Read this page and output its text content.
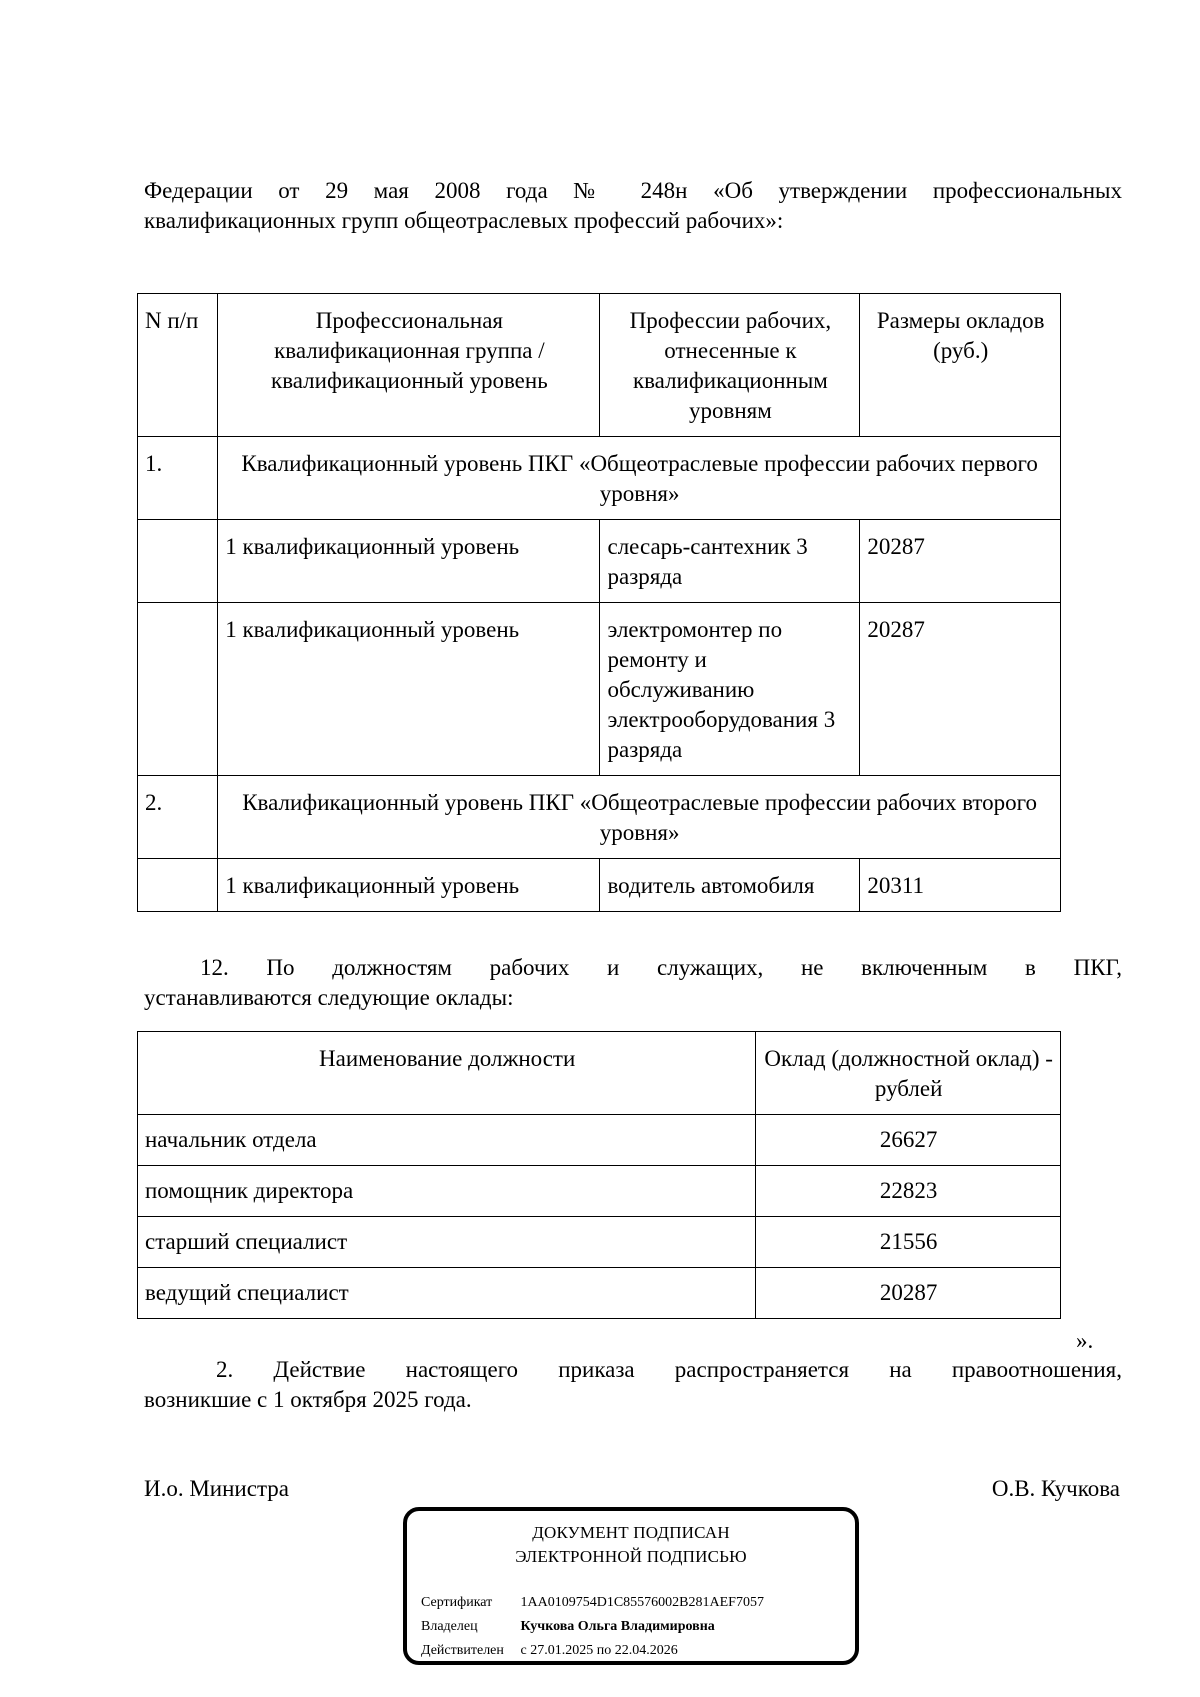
Федерации от 29 мая 2008 года № 248н «Об утверждении профессиональных
квалификационных групп общеотраслевых профессий рабочих»:
N п/п	Профессиональная квалификационная группа / квалификационный уровень	Профессии рабочих, отнесенные к квалификационным уровням	Размеры окладов (руб.)
1.	Квалификационный уровень ПКГ «Общеотраслевые профессии рабочих первого уровня»		
	1 квалификационный уровень	слесарь-сантехник 3 разряда	20287
	1 квалификационный уровень	электромонтер по ремонту и обслуживанию электрооборудования 3 разряда	20287
2.	Квалификационный уровень ПКГ «Общеотраслевые профессии рабочих второго уровня»		
	1 квалификационный уровень	водитель автомобиля	20311
12. По должностям рабочих и служащих, не включенным в ПКГ,
устанавливаются следующие оклады:
Наименование должности	Оклад (должностной оклад) - рублей
начальник отдела	26627
помощник директора	22823
старший специалист	21556
ведущий специалист	20287
».
2. Действие настоящего приказа распространяется на правоотношения,
возникшие с 1 октября 2025 года.
И.о. Министра	О.В. Кучкова
ДОКУМЕНТ ПОДПИСАН
ЭЛЕКТРОННОЙ ПОДПИСЬЮ
Сертификат 1AA0109754D1C85576002B281AEF7057
Владелец	Кучкова Ольга Владимировна
Действителен с 27.01.2025 по 22.04.2026
